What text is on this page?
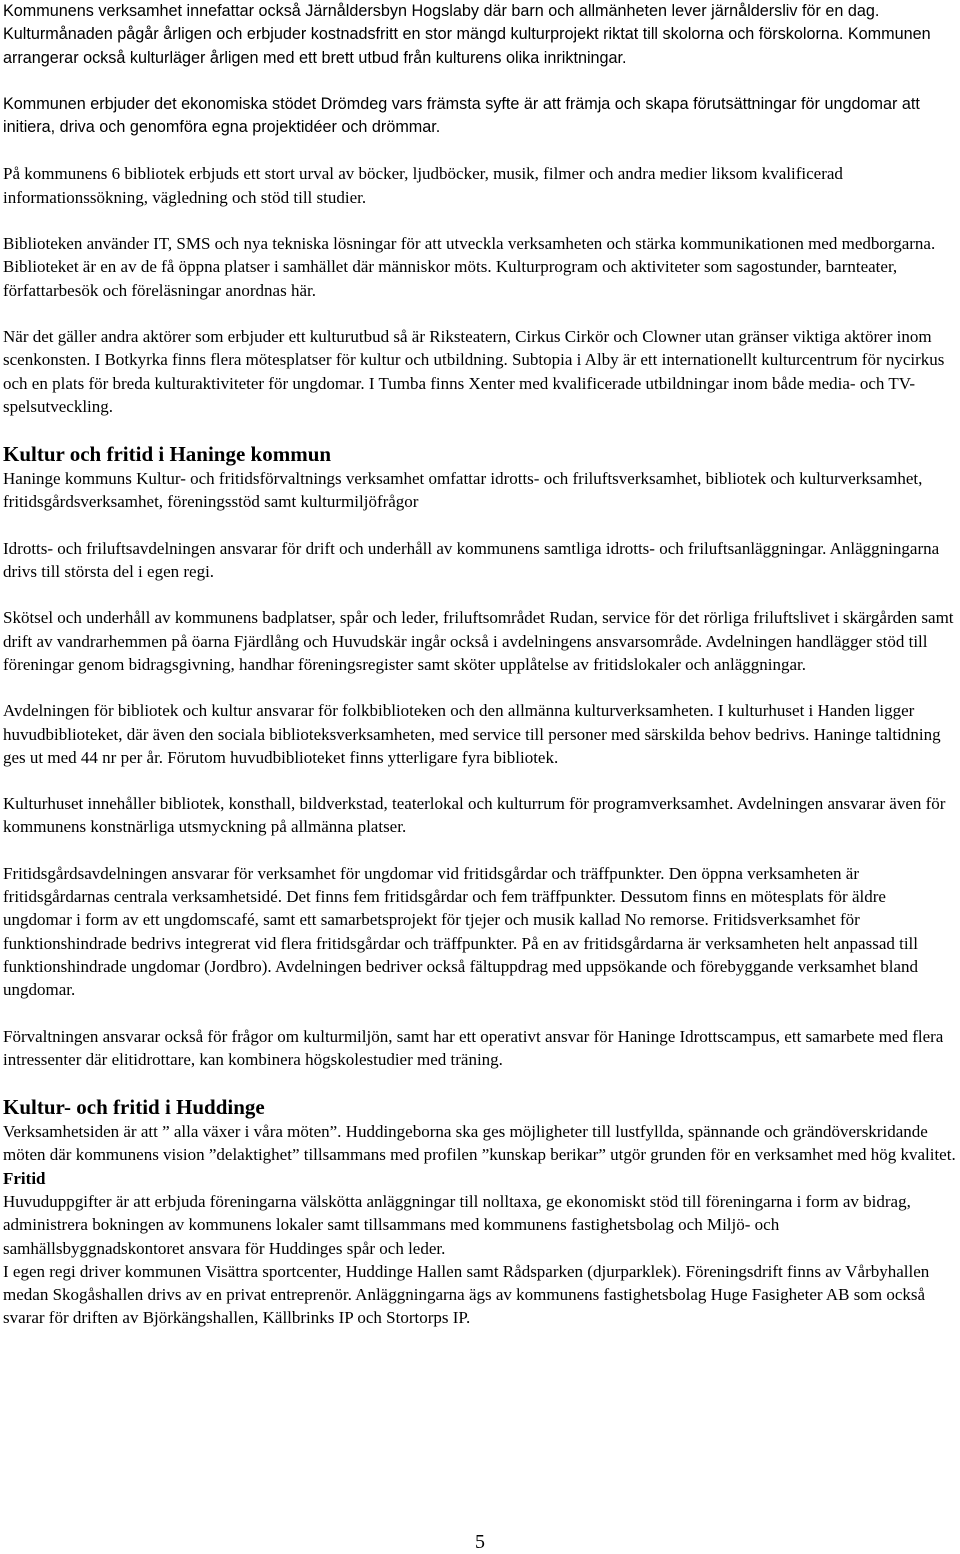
Kommunens verksamhet innefattar också Järnåldersbyn Hogslaby där barn och allmänheten lever järnåldersliv för en dag. Kulturmånaden pågår årligen och erbjuder kostnadsfritt en stor mängd kulturprojekt riktat till skolorna och förskolorna. Kommunen arrangerar också kulturläger årligen med ett brett utbud från kulturens olika inriktningar.

Kommunen erbjuder det ekonomiska stödet Drömdeg vars främsta syfte är att främja och skapa förutsättningar för ungdomar att initiera, driva och genomföra egna projektidéer och drömmar.

På kommunens 6 bibliotek erbjuds ett stort urval av böcker, ljudböcker, musik, filmer och andra medier liksom kvalificerad informationssökning, vägledning och stöd till studier.

Biblioteken använder IT, SMS och nya tekniska lösningar för att utveckla verksamheten och stärka kommunikationen med medborgarna. Biblioteket är en av de få öppna platser i samhället där människor möts. Kulturprogram och aktiviteter som sagostunder, barnteater, författarbesök och föreläsningar anordnas här.

När det gäller andra aktörer som erbjuder ett kulturutbud så är Riksteatern, Cirkus Cirkör och Clowner utan gränser viktiga aktörer inom scenkonsten. I Botkyrka finns flera mötesplatser för kultur och utbildning. Subtopia i Alby är ett internationellt kulturcentrum för nycirkus och en plats för breda kulturaktiviteter för ungdomar. I Tumba finns Xenter med kvalificerade utbildningar inom både media- och TV-spelsutveckling.

Kultur och fritid i Haninge kommun

Haninge kommuns Kultur- och fritidsförvaltnings verksamhet omfattar idrotts- och friluftsverksamhet, bibliotek och kulturverksamhet, fritidsgårdsverksamhet, föreningsstöd samt kulturmiljöfrågor

Idrotts- och friluftsavdelningen ansvarar för drift och underhåll av kommunens samtliga idrotts- och friluftsanläggningar. Anläggningarna drivs till största del i egen regi.

Skötsel och underhåll av kommunens badplatser, spår och leder, friluftsområdet Rudan, service för det rörliga friluftslivet i skärgården samt drift av vandrarhemmen på öarna Fjärdlång och Huvudskär ingår också i avdelningens ansvarsområde. Avdelningen handlägger stöd till föreningar genom bidragsgivning, handhar föreningsregister samt sköter upplåtelse av fritidslokaler och anläggningar.

Avdelningen för bibliotek och kultur ansvarar för folkbiblioteken och den allmänna kulturverksamheten. I kulturhuset i Handen ligger huvudbiblioteket, där även den sociala biblioteksverksamheten, med service till personer med särskilda behov bedrivs. Haninge taltidning ges ut med 44 nr per år. Förutom huvudbiblioteket finns ytterligare fyra bibliotek.

Kulturhuset innehåller bibliotek, konsthall, bildverkstad, teaterlokal och kulturrum för programverksamhet. Avdelningen ansvarar även för kommunens konstnärliga utsmyckning på allmänna platser.

Fritidsgårdsavdelningen ansvarar för verksamhet för ungdomar vid fritidsgårdar och träffpunkter. Den öppna verksamheten är fritidsgårdarnas centrala verksamhetsidé. Det finns fem fritidsgårdar och fem träffpunkter. Dessutom finns en mötesplats för äldre ungdomar i form av ett ungdomscafé, samt ett samarbetsprojekt för tjejer och musik kallad No remorse. Fritidsverksamhet för funktionshindrade bedrivs integrerat vid flera fritidsgårdar och träffpunkter. På en av fritidsgårdarna är verksamheten helt anpassad till funktionshindrade ungdomar (Jordbro). Avdelningen bedriver också fältuppdrag med uppsökande och förebyggande verksamhet bland ungdomar.

Förvaltningen ansvarar också för frågor om kulturmiljön, samt har ett operativt ansvar för Haninge Idrottscampus, ett samarbete med flera intressenter där elitidrottare, kan kombinera högskolestudier med träning.

Kultur- och fritid i Huddinge

Verksamhetsiden är att ” alla växer i våra möten”. Huddingeborna ska ges möjligheter till lustfyllda, spännande och grändöverskridande möten där kommunens vision ”delaktighet” tillsammans med profilen ”kunskap berikar” utgör grunden för en verksamhet med hög kvalitet.

Fritid

Huvuduppgifter är att erbjuda föreningarna välskötta anläggningar till nolltaxa, ge ekonomiskt stöd till föreningarna i form av bidrag, administrera bokningen av kommunens lokaler samt tillsammans med kommunens fastighetsbolag och Miljö- och samhällsbyggnadskontoret ansvara för Huddinges spår och leder.

I egen regi driver kommunen Visättra sportcenter, Huddinge Hallen samt Rådsparken (djurparklek). Föreningsdrift finns av Vårbyhallen medan Skogåshallen drivs av en privat entreprenör. Anläggningarna ägs av kommunens fastighetsbolag Huge Fasigheter AB som också svarar för driften av Björkängshallen, Källbrinks IP och Stortorps IP.

5
